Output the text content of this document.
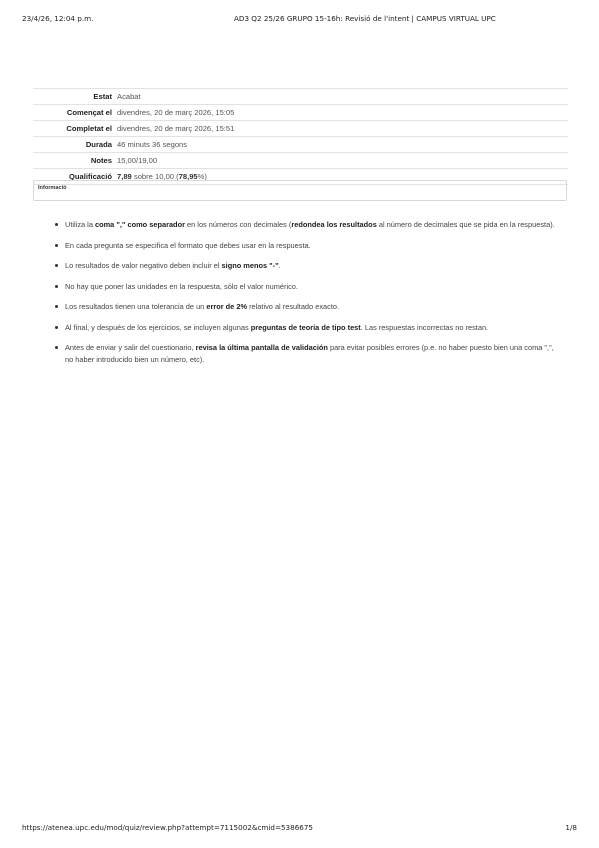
23/4/26, 12:04 p.m.	AD3 Q2 25/26 GRUPO 15-16h: Revisió de l'intent | CAMPUS VIRTUAL UPC
Estat	Acabat
Començat el	divendres, 20 de març 2026, 15:05
Completat el	divendres, 20 de març 2026, 15:51
Durada	46 minuts 36 segons
Notes	15,00/19,00
Qualificació	7,89 sobre 10,00 (78,95%)
Informació
Utiliza la coma "," como separador en los números con decimales (redondea los resultados al número de decimales que se pida en la respuesta).
En cada pregunta se especifica el formato que debes usar en la respuesta.
Lo resultados de valor negativo deben incluir el signo menos "-".
No hay que poner las unidades en la respuesta, sólo el valor numérico.
Los resultados tienen una tolerancia de un error de 2% relativo al resultado exacto.
Al final, y después de los ejercicios, se incluyen algunas preguntas de teoría de tipo test. Las respuestas incorrectas no restan.
Antes de enviar y salir del cuestionario, revisa la última pantalla de validación para evitar posibles errores (p.e. no haber puesto bien una coma ",", no haber introducido bien un número, etc).
https://atenea.upc.edu/mod/quiz/review.php?attempt=7115002&cmid=5386675	1/8
